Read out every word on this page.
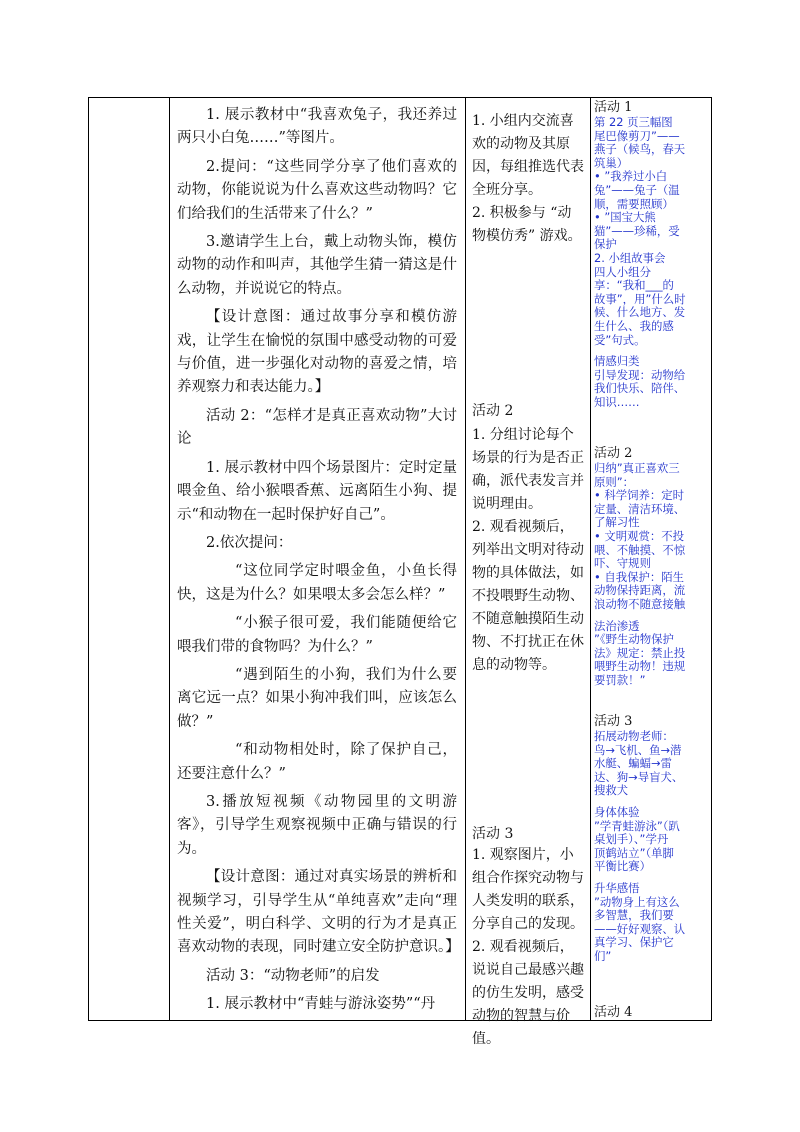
1. 展示教材中“我喜欢兔子，我还养过两只小白兔……”等图片。

2.提问：“这些同学分享了他们喜欢的动物，你能说说为什么喜欢这些动物吗？它们给我们的生活带来了什么？”

3.邀请学生上台，戴上动物头饰，模仿动物的动作和叫声，其他学生猜一猜这是什么动物，并说说它的特点。

【设计意图：通过故事分享和模仿游戏，让学生在愉悦的氛围中感受动物的可爱与价值，进一步强化对动物的喜爱之情，培养观察力和表达能力。】

活动 2：“怎样才是真正喜欢动物”大讨论

1. 展示教材中四个场景图片：定时定量喂金鱼、给小猴喂香蕉、远离陌生小狗、提示“和动物在一起时保护好自己”。

2.依次提问：

“这位同学定时喂金鱼，小鱼长得快，这是为什么？如果喂太多会怎么样？”

“小猴子很可爱，我们能随便给它喂我们带的食物吗？为什么？”

“遇到陌生的小狗，我们为什么要离它远一点？如果小狗冲我们叫，应该怎么做？”

“和动物相处时，除了保护自己，还要注意什么？”

3.播放短视频《动物园里的文明游客》，引导学生观察视频中正确与错误的行为。

【设计意图：通过对真实场景的辨析和视频学习，引导学生从“单纯喜欢”走向“理性关爱”，明白科学、文明的行为才是真正喜欢动物的表现，同时建立安全防护意识。】

活动 3：“动物老师”的启发

1. 展示教材中“青蛙与游泳姿势”“丹

1. 小组内交流喜欢的动物及其原因，每组推选代表全班分享。

2. 积极参与 “动物模仿秀” 游戏。

活动 2

1. 分组讨论每个场景的行为是否正确，派代表发言并说明理由。

2. 观看视频后，列举出文明对待动物的具体做法，如不投喂野生动物、不随意触摸陌生动物、不打扰正在休息的动物等。

活动 3

1. 观察图片，小组合作探究动物与人类发明的联系，分享自己的发现。

2. 观看视频后，说说自己最感兴趣的仿生发明，感受动物的智慧与价值。

活动 1
第 22 页三幅图
尾巴像剪刀”——
燕子（候鸟，春天
筑巢）
• ”我养过小白
兔”——兔子（温
顺，需要照顾）
• ”国宝大熊
猫”——珍稀，受
保护
2. 小组故事会
四人小组分
享：“我和___的
故事”，用”什么时
候、什么地方、发
生什么、我的感
受”句式。
情感归类
引导发现：动物给
我们快乐、陪伴、
知识……
活动 2
归纳”真正喜欢三
原则”：
• 科学饲养：定时
定量、清洁环境、
了解习性
• 文明观赏：不投
喂、不触摸、不惊
吓、守规则
• 自我保护：陌生
动物保持距离，流
浪动物不随意接触
法治渗透
”《野生动物保护
法》规定：禁止投
喂野生动物！违规
要罚款！”
活动 3
拓展动物老师：
鸟→飞机、鱼→潜
水艇、蝙蝠→雷
达、狗→导盲犬、
搜救犬
身体体验
”学青蛙游泳”（趴
桌划手）、”学丹
顶鹤站立”（单脚
平衡比赛）
升华感悟
”动物身上有这么
多智慧，我们要
——好好观察、认
真学习、保护它
们”
活动 4
